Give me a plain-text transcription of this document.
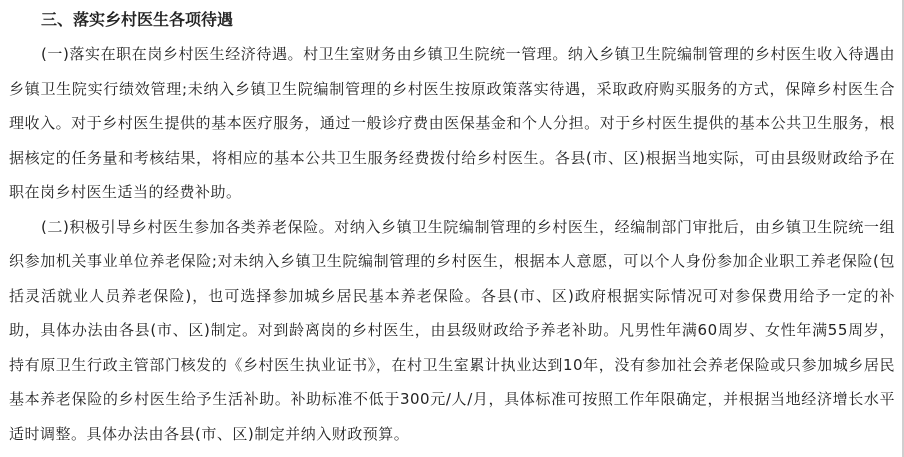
三、落实乡村医生各项待遇

(一)落实在职在岗乡村医生经济待遇。村卫生室财务由乡镇卫生院统一管理。纳入乡镇卫生院编制管理的乡村医生收入待遇由乡镇卫生院实行绩效管理;未纳入乡镇卫生院编制管理的乡村医生按原政策落实待遇，采取政府购买服务的方式，保障乡村医生合理收入。对于乡村医生提供的基本医疗服务，通过一般诊疗费由医保基金和个人分担。对于乡村医生提供的基本公共卫生服务，根据核定的任务量和考核结果，将相应的基本公共卫生服务经费拨付给乡村医生。各县(市、区)根据当地实际，可由县级财政给予在职在岗乡村医生适当的经费补助。

(二)积极引导乡村医生参加各类养老保险。对纳入乡镇卫生院编制管理的乡村医生，经编制部门审批后，由乡镇卫生院统一组织参加机关事业单位养老保险;对未纳入乡镇卫生院编制管理的乡村医生，根据本人意愿，可以个人身份参加企业职工养老保险(包括灵活就业人员养老保险)，也可选择参加城乡居民基本养老保险。各县(市、区)政府根据实际情况可对参保费用给予一定的补助，具体办法由各县(市、区)制定。对到龄离岗的乡村医生，由县级财政给予养老补助。凡男性年满60周岁、女性年满55周岁，持有原卫生行政主管部门核发的《乡村医生执业证书》，在村卫生室累计执业达到10年，没有参加社会养老保险或只参加城乡居民基本养老保险的乡村医生给予生活补助。补助标准不低于300元/人/月，具体标准可按照工作年限确定，并根据当地经济增长水平适时调整。具体办法由各县(市、区)制定并纳入财政预算。
